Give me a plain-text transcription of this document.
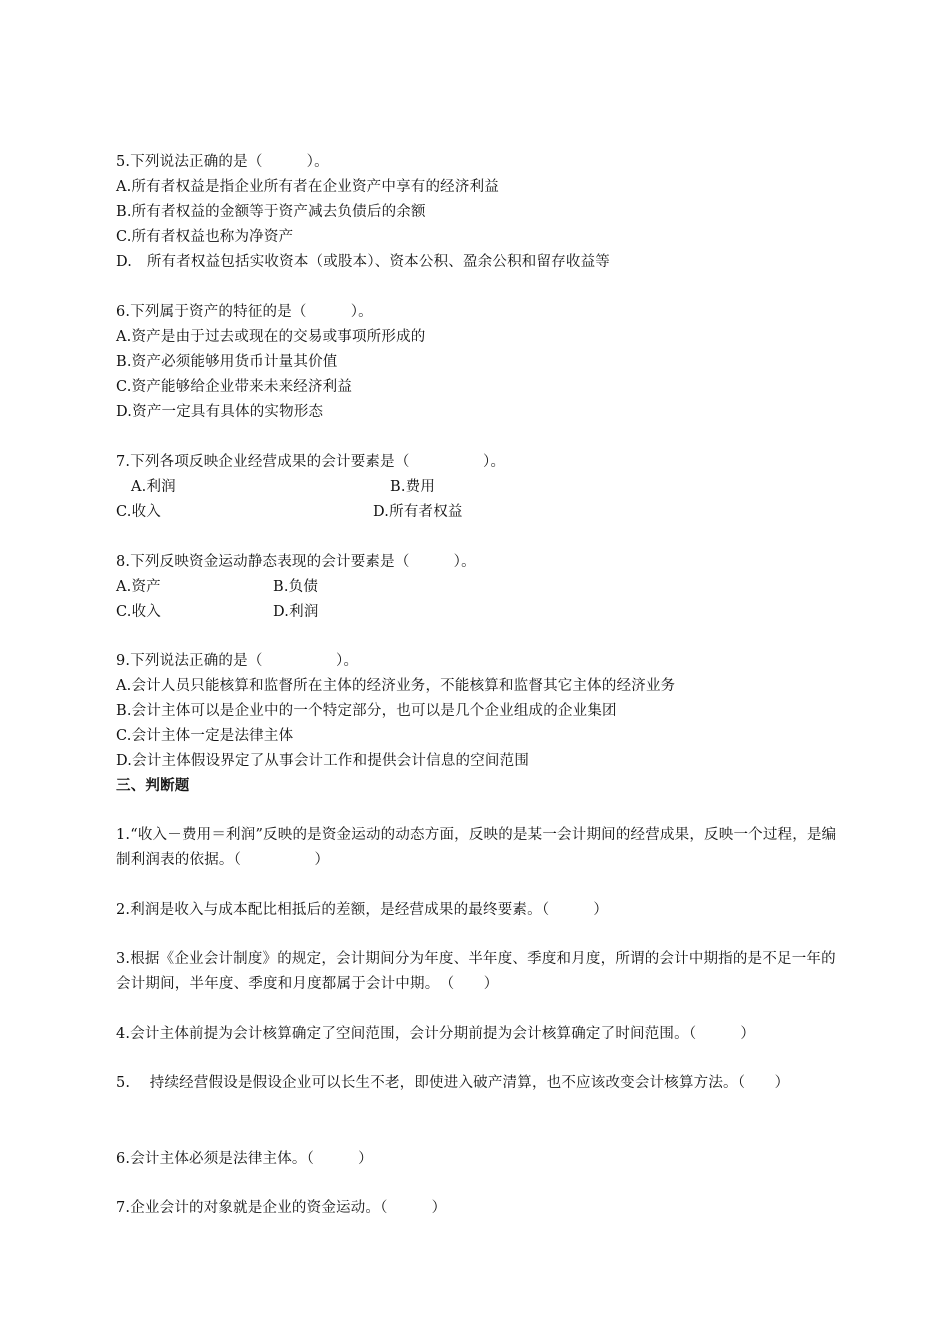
5.下列说法正确的是（　　　）。
A.所有者权益是指企业所有者在企业资产中享有的经济利益
B.所有者权益的金额等于资产减去负债后的余额
C.所有者权益也称为净资产
D.　所有者权益包括实收资本（或股本）、资本公积、盈余公积和留存收益等
6.下列属于资产的特征的是（　　　）。
A.资产是由于过去或现在的交易或事项所形成的
B.资产必须能够用货币计量其价值
C.资产能够给企业带来未来经济利益
D.资产一定具有具体的实物形态
7.下列各项反映企业经营成果的会计要素是（　　　　　）。
A.利润	B.费用
C.收入	D.所有者权益
8.下列反映资金运动静态表现的会计要素是（　　　）。
A.资产	B.负债
C.收入	D.利润
9.下列说法正确的是（　　　　　）。
A.会计人员只能核算和监督所在主体的经济业务，不能核算和监督其它主体的经济业务
B.会计主体可以是企业中的一个特定部分，也可以是几个企业组成的企业集团
C.会计主体一定是法律主体
D.会计主体假设界定了从事会计工作和提供会计信息的空间范围
三、判断题
1.“收入－费用＝利润”反映的是资金运动的动态方面，反映的是某一会计期间的经营成果，反映一个过程，是编制利润表的依据。（　　　　　）
2.利润是收入与成本配比相抵后的差额，是经营成果的最终要素。（　　　）
3.根据《企业会计制度》的规定，会计期间分为年度、半年度、季度和月度，所谓的会计中期指的是不足一年的会计期间，半年度、季度和月度都属于会计中期。　（　　）
4.会计主体前提为会计核算确定了空间范围，会计分期前提为会计核算确定了时间范围。（　　　）
5.　 持续经营假设是假设企业可以长生不老，即使进入破产清算，也不应该改变会计核算方法。（　　）
6.会计主体必须是法律主体。（　　　）
7.企业会计的对象就是企业的资金运动。（　　　）
